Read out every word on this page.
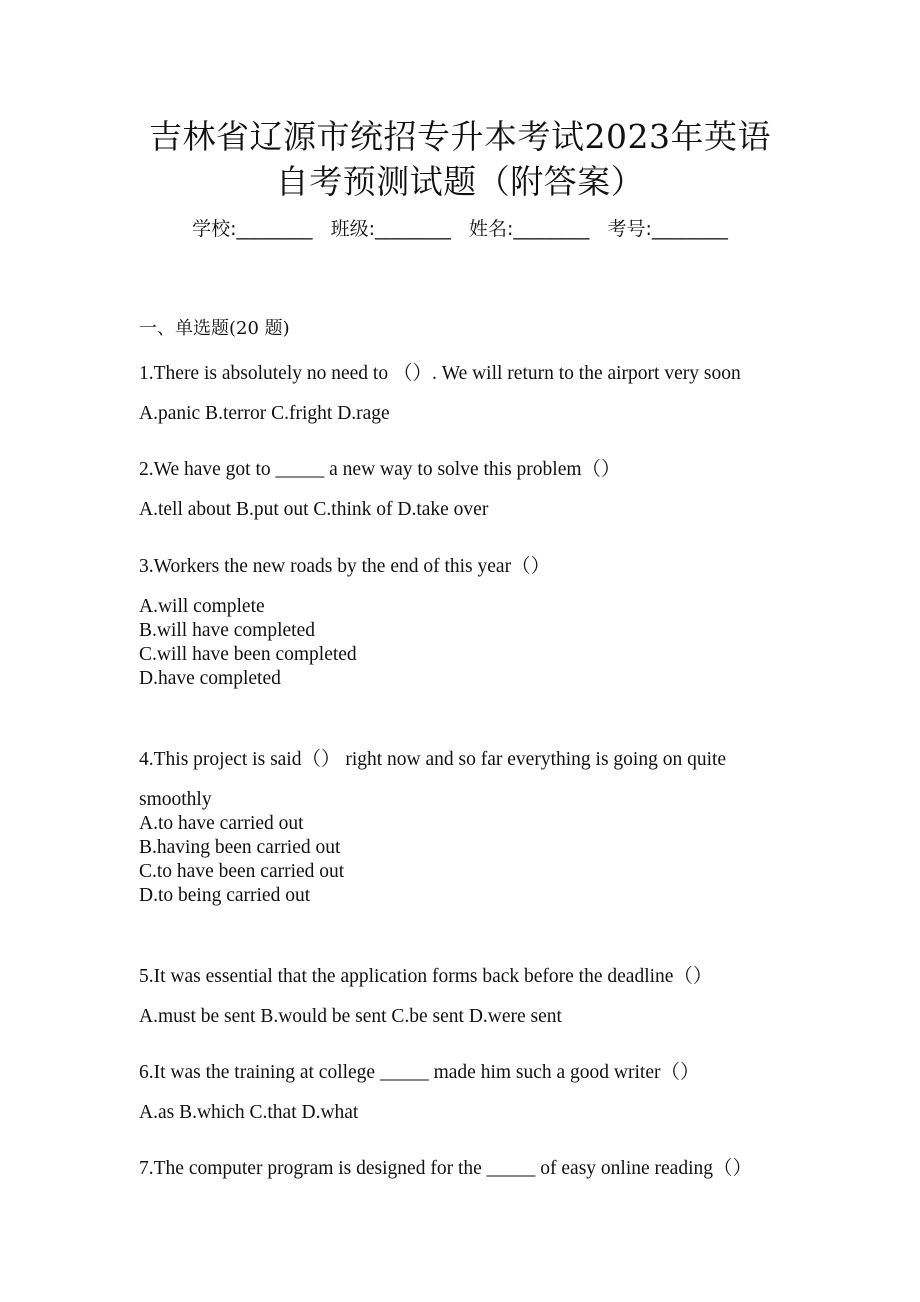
吉林省辽源市统招专升本考试2023年英语
自考预测试题（附答案）
学校:________ 班级:________ 姓名:________ 考号:________
一、单选题(20 题)
1.There is absolutely no need to （）. We will return to the airport very soon
A.panic B.terror C.fright D.rage
2.We have got to _____ a new way to solve this problem（）
A.tell about B.put out C.think of D.take over
3.Workers the new roads by the end of this year（）
A.will complete
B.will have completed
C.will have been completed
D.have completed
4.This project is said（） right now and so far everything is going on quite
smoothly
A.to have carried out
B.having been carried out
C.to have been carried out
D.to being carried out
5.It was essential that the application forms back before the deadline（）
A.must be sent B.would be sent C.be sent D.were sent
6.It was the training at college _____ made him such a good writer（）
A.as B.which C.that D.what
7.The computer program is designed for the _____ of easy online reading（）
